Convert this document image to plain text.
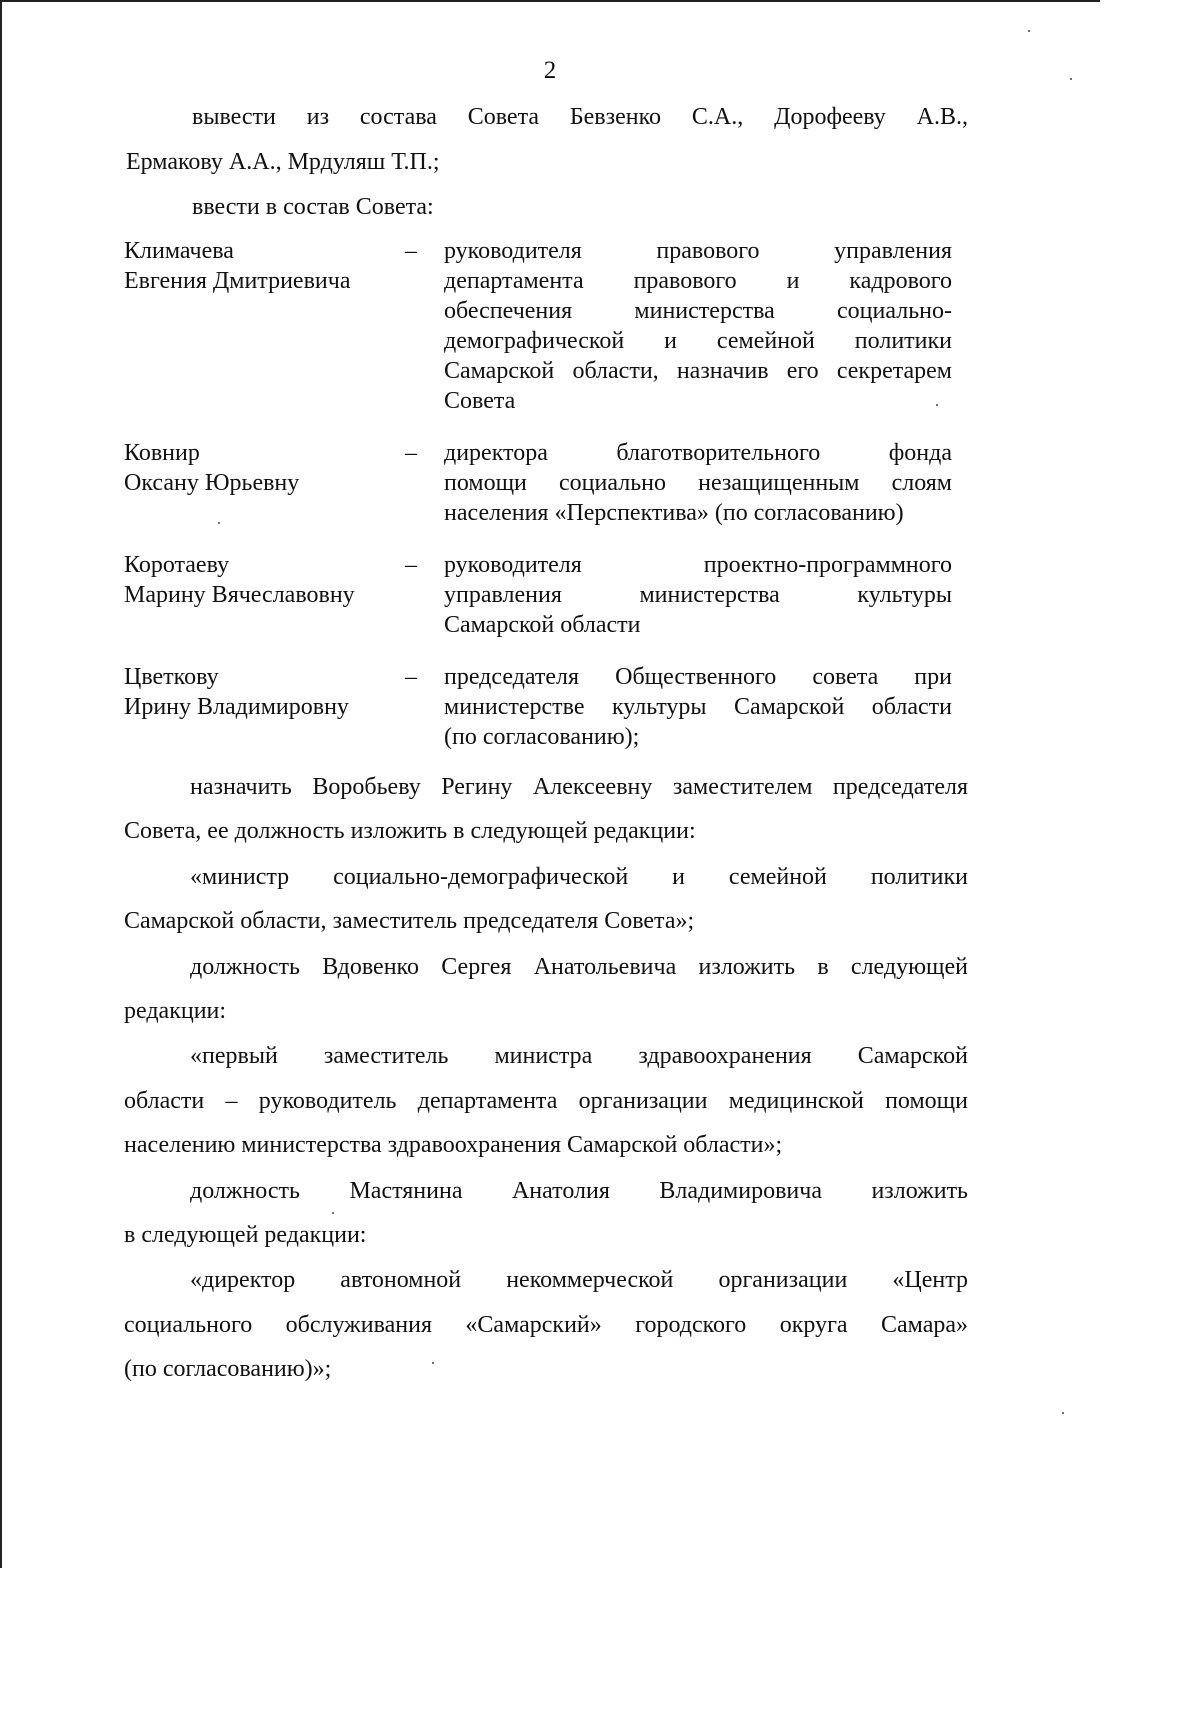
2
вывести из состава Совета Бевзенко С.А., Дорофееву А.В.,
Ермакову А.А., Мрдуляш Т.П.;
ввести в состав Совета:
Климачева
Евгения Дмитриевича
– руководителя правового управления
департамента правового и кадрового
обеспечения министерства социально-
демографической и семейной политики
Самарской области, назначив его секретарем
Совета
Ковнир
Оксану Юрьевну
– директора благотворительного фонда
помощи социально незащищенным слоям
населения «Перспектива» (по согласованию)
Коротаеву
Марину Вячеславовну
– руководителя проектно-программного
управления министерства культуры
Самарской области
Цветкову
Ирину Владимировну
– председателя Общественного совета при
министерстве культуры Самарской области
(по согласованию);
назначить Воробьеву Регину Алексеевну заместителем председателя
Совета, ее должность изложить в следующей редакции:
«министр социально-демографической и семейной политики
Самарской области, заместитель председателя Совета»;
должность Вдовенко Сергея Анатольевича изложить в следующей
редакции:
«первый заместитель министра здравоохранения Самарской
области – руководитель департамента организации медицинской помощи
населению министерства здравоохранения Самарской области»;
должность Мастянина Анатолия Владимировича изложить
в следующей редакции:
«директор автономной некоммерческой организации «Центр
социального обслуживания «Самарский» городского округа Самара»
(по согласованию)»;
